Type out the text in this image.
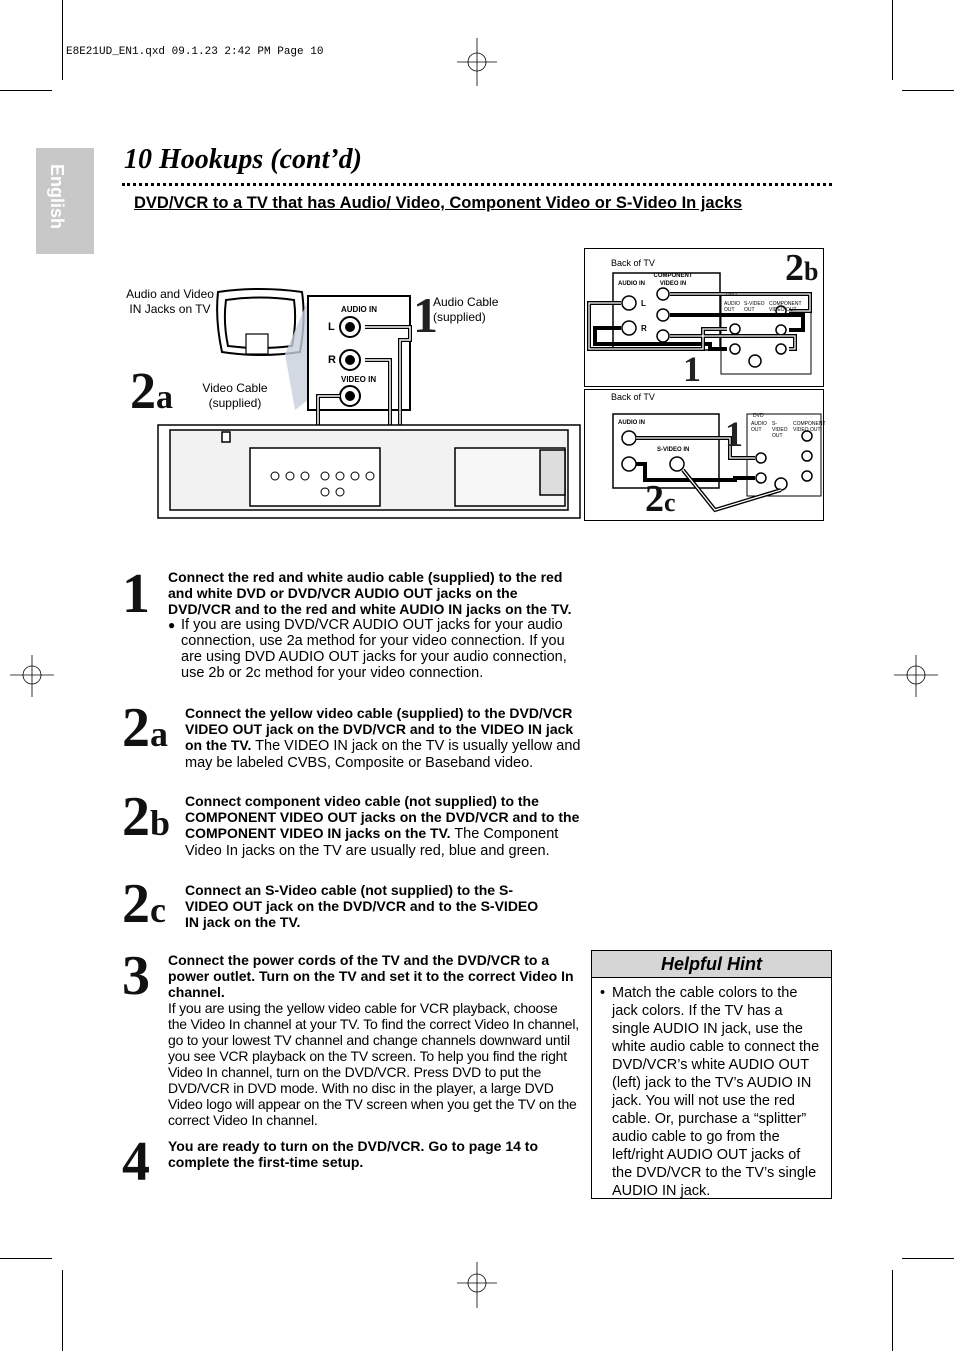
E8E21UD_EN1.qxd 09.1.23 2:42 PM Page 10
English
10 Hookups (cont’d)
DVD/VCR to a TV that has Audio/ Video, Component Video or S-Video In jacks
1
Audio and Video IN Jacks on TV
Video Cable (supplied)
Audio Cable (supplied)
AUDIO IN
VIDEO IN
L
R
2a
1
Back of TV
AUDIO IN
COMPONENT VIDEO IN
L
R
DVD
AUDIO OUT
S-VIDEO OUT
COMPONENT VIDEO OUT
2b
1
Back of TV
AUDIO IN
S-VIDEO IN
DVD
AUDIO OUT
S-VIDEO OUT
COMPONENT VIDEO OUT
2c
1 Connect the red and white audio cable (supplied) to the red and white DVD or DVD/VCR AUDIO OUT jacks on the DVD/VCR and to the red and white AUDIO IN jacks on the TV.
● If you are using DVD/VCR AUDIO OUT jacks for your audio connection, use 2a method for your video connection. If you are using DVD AUDIO OUT jacks for your audio connection, use 2b or 2c method for your video connection.
2a
Connect the yellow video cable (supplied) to the DVD/VCR VIDEO OUT jack on the DVD/VCR and to the VIDEO IN jack on the TV. The VIDEO IN jack on the TV is usually yellow and may be labeled CVBS, Composite or Baseband video.
2b
Connect component video cable (not supplied) to the COMPONENT VIDEO OUT jacks on the DVD/VCR and to the COMPONENT VIDEO IN jacks on the TV. The Component Video In jacks on the TV are usually red, blue and green.
2c Connect an S-Video cable (not supplied) to the S-VIDEO OUT jack on the DVD/VCR and to the S-VIDEO IN jack on the TV.
3 Connect the power cords of the TV and the DVD/VCR to a power outlet. Turn on the TV and set it to the correct Video In channel.
If you are using the yellow video cable for VCR playback, choose the Video In channel at your TV. To find the correct Video In channel, go to your lowest TV channel and change channels downward until you see VCR playback on the TV screen. To help you find the right Video In channel, turn on the DVD/VCR. Press DVD to put the DVD/VCR in DVD mode. With no disc in the player, a large DVD Video logo will appear on the TV screen when you get the TV on the correct Video In channel.
4 You are ready to turn on the DVD/VCR. Go to page 14 to complete the first-time setup.
Helpful Hint
• Match the cable colors to the jack colors. If the TV has a single AUDIO IN jack, use the white audio cable to connect the DVD/VCR’s white AUDIO OUT (left) jack to the TV’s AUDIO IN jack. You will not use the red cable. Or, purchase a “splitter” audio cable to go from the left/right AUDIO OUT jacks of the DVD/VCR to the TV’s single AUDIO IN jack.
